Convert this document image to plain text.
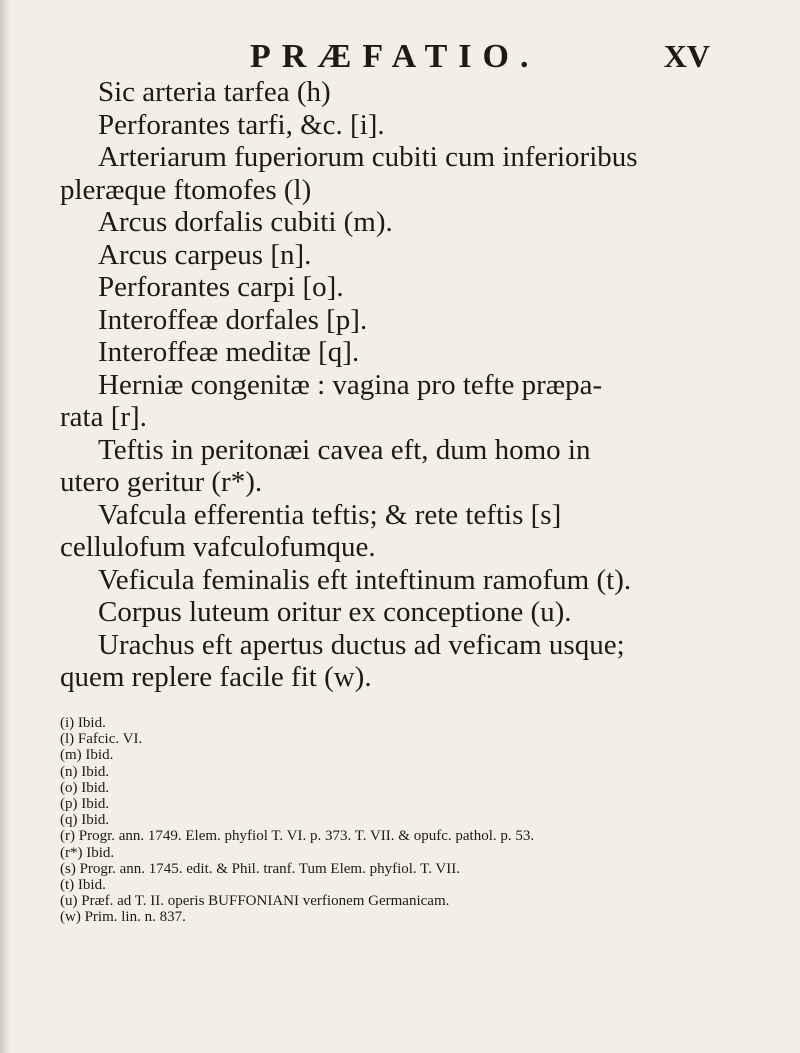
PRÆFATIO.	XV
Sic arteria tarfea (h)
Perforantes tarfi, &c. [i].
Arteriarum fuperiorum cubiti cum inferioribus
pleræque ftomofes (l)
Arcus dorfalis cubiti (m).
Arcus carpeus [n].
Perforantes carpi [o].
Interoffeæ dorfales [p].
Interoffeæ meditæ [q].
Herniæ congenitæ : vagina pro tefte præpa-
rata [r].
Teftis in peritonæi cavea eft, dum homo in
utero geritur (r*).
Vafcula efferentia teftis; & rete teftis [s]
cellulofum vafculofumque.
Veficula feminalis eft inteftinum ramofum (t).
Corpus luteum oritur ex conceptione (u).
Urachus eft apertus ductus ad veficam usque;
quem replere facile fit (w).
(i) Ibid.
(l) Fafcic. VI.
(m) Ibid.
(n) Ibid.
(o) Ibid.
(p) Ibid.
(q) Ibid.
(r) Progr. ann. 1749. Elem. phyfiol T. VI. p. 373. T. VII. & opufc. pathol. p. 53.
(r*) Ibid.
(s) Progr. ann. 1745. edit. & Phil. tranf. Tum Elem. phyfiol. T. VII.
(t) Ibid.
(u) Præf. ad T. II. operis BUFFONIANI verfionem Germanicam.
(w) Prim. lin. n. 837.
